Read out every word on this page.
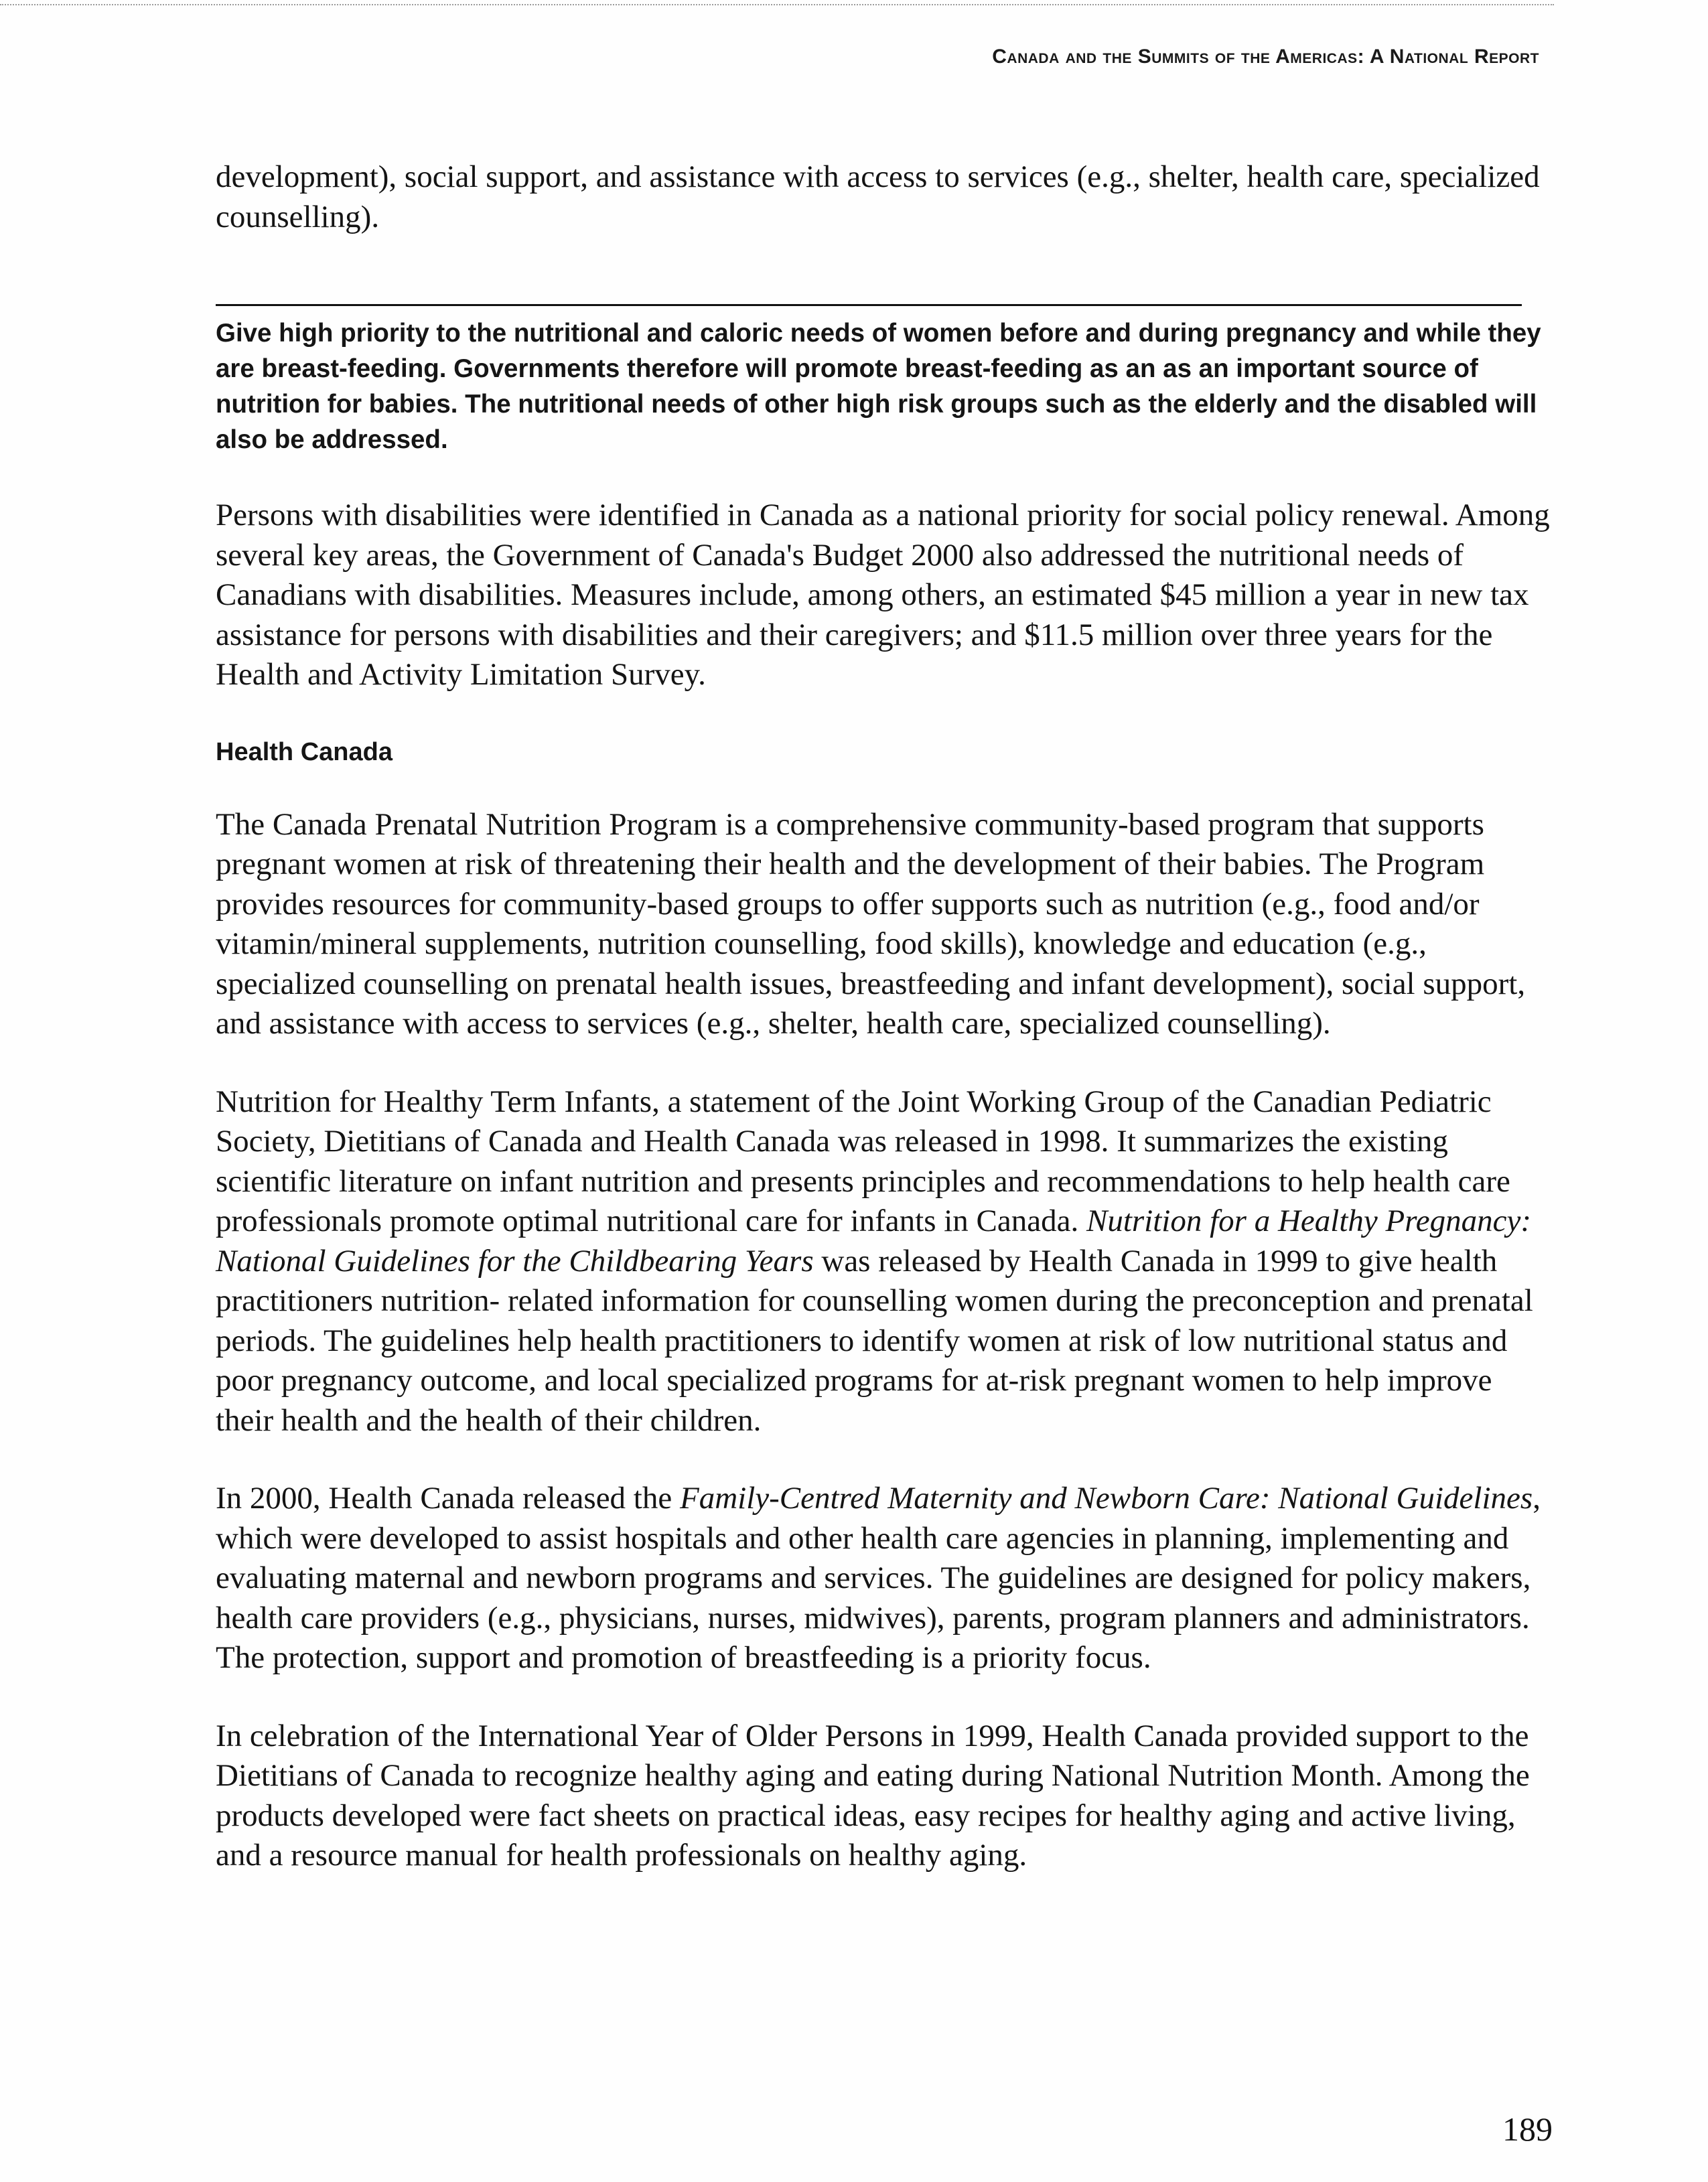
Canada and the Summits of the Americas: A National Report

development), social support, and assistance with access to services (e.g., shelter, health care, specialized counselling).

Give high priority to the nutritional and caloric needs of women before and during pregnancy and while they are breast-feeding. Governments therefore will promote breast-feeding as an as an important source of nutrition for babies. The nutritional needs of other high risk groups such as the elderly and the disabled will also be addressed.

Persons with disabilities were identified in Canada as a national priority for social policy renewal. Among several key areas, the Government of Canada's Budget 2000 also addressed the nutritional needs of Canadians with disabilities. Measures include, among others, an estimated $45 million a year in new tax assistance for persons with disabilities and their caregivers; and $11.5 million over three years for the Health and Activity Limitation Survey.

Health Canada

The Canada Prenatal Nutrition Program is a comprehensive community-based program that supports pregnant women at risk of threatening their health and the development of their babies. The Program provides resources for community-based groups to offer supports such as nutrition (e.g., food and/or vitamin/mineral supplements, nutrition counselling, food skills), knowledge and education (e.g., specialized counselling on prenatal health issues, breastfeeding and infant development), social support, and assistance with access to services (e.g., shelter, health care, specialized counselling).

Nutrition for Healthy Term Infants, a statement of the Joint Working Group of the Canadian Pediatric Society, Dietitians of Canada and Health Canada was released in 1998. It summarizes the existing scientific literature on infant nutrition and presents principles and recommendations to help health care professionals promote optimal nutritional care for infants in Canada. Nutrition for a Healthy Pregnancy: National Guidelines for the Childbearing Years was released by Health Canada in 1999 to give health practitioners nutrition- related information for counselling women during the preconception and prenatal periods. The guidelines help health practitioners to identify women at risk of low nutritional status and poor pregnancy outcome, and local specialized programs for at-risk pregnant women to help improve their health and the health of their children.

In 2000, Health Canada released the Family-Centred Maternity and Newborn Care: National Guidelines, which were developed to assist hospitals and other health care agencies in planning, implementing and evaluating maternal and newborn programs and services. The guidelines are designed for policy makers, health care providers (e.g., physicians, nurses, midwives), parents, program planners and administrators. The protection, support and promotion of breastfeeding is a priority focus.

In celebration of the International Year of Older Persons in 1999, Health Canada provided support to the Dietitians of Canada to recognize healthy aging and eating during National Nutrition Month. Among the products developed were fact sheets on practical ideas, easy recipes for healthy aging and active living, and a resource manual for health professionals on healthy aging.

189
